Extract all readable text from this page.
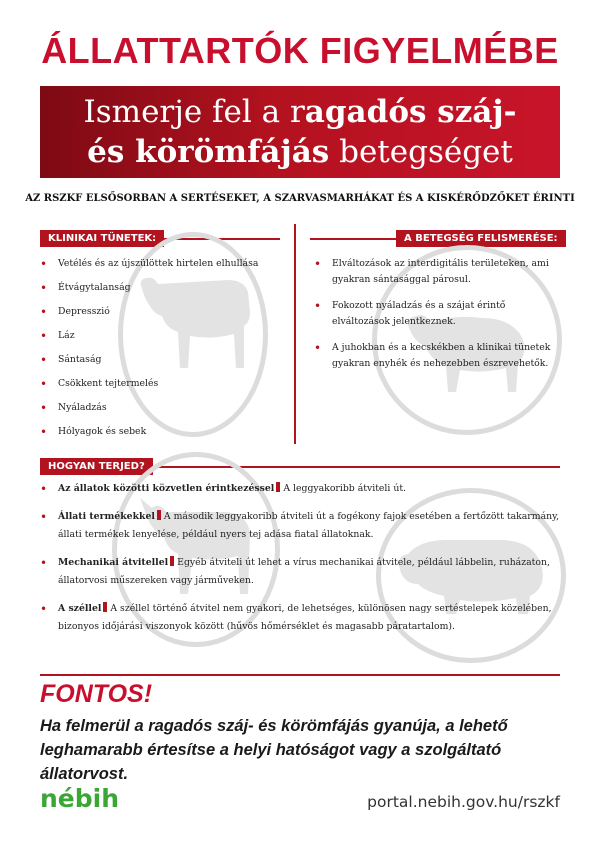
ÁLLATTARTÓK FIGYELMÉBE
Ismerje fel a ragadós száj-
és körömfájás betegséget
AZ RSZKF ELSŐSORBAN A SERTÉSEKET, A SZARVASMARHÁKAT ÉS A KISKÉRŐDZŐKET ÉRINTI
KLINIKAI TÜNETEK:
• Vetélés és az újszülöttek hirtelen elhullása
• Étvágytalanság
• Depresszió
• Láz
• Sántaság
• Csökkent tejtermelés
• Nyáladzás
• Hólyagok és sebek
A BETEGSÉG FELISMERÉSE:
• Elváltozások az interdigitális területeken, ami gyakran sántasággal párosul.
• Fokozott nyáladzás és a szájat érintő elváltozások jelentkeznek.
• A juhokban és a kecskékben a klinikai tünetek gyakran enyhék és nehezebben észrevehetők.
HOGYAN TERJED?
• Az állatok közötti közvetlen érintkezéssel A leggyakoribb átviteli út.
• Állati termékekkel A második leggyakoribb átviteli út a fogékony fajok esetében a fertőzött takarmány, állati termékek lenyelése, például nyers tej adása fiatal állatoknak.
• Mechanikai átvitellel Egyéb átviteli út lehet a vírus mechanikai átvitele, például lábbelin, ruházaton, állatorvosi műszereken vagy járműveken.
• A széllel A széllel történő átvitel nem gyakori, de lehetséges, különösen nagy sertéstelepek közelében, bizonyos időjárási viszonyok között (hűvös hőmérséklet és magasabb páratartalom).
FONTOS!
Ha felmerül a ragadós száj- és körömfájás gyanúja, a lehető leghamarabb értesítse a helyi hatóságot vagy a szolgáltató állatorvost.
nébih	portal.nebih.gov.hu/rszkf
